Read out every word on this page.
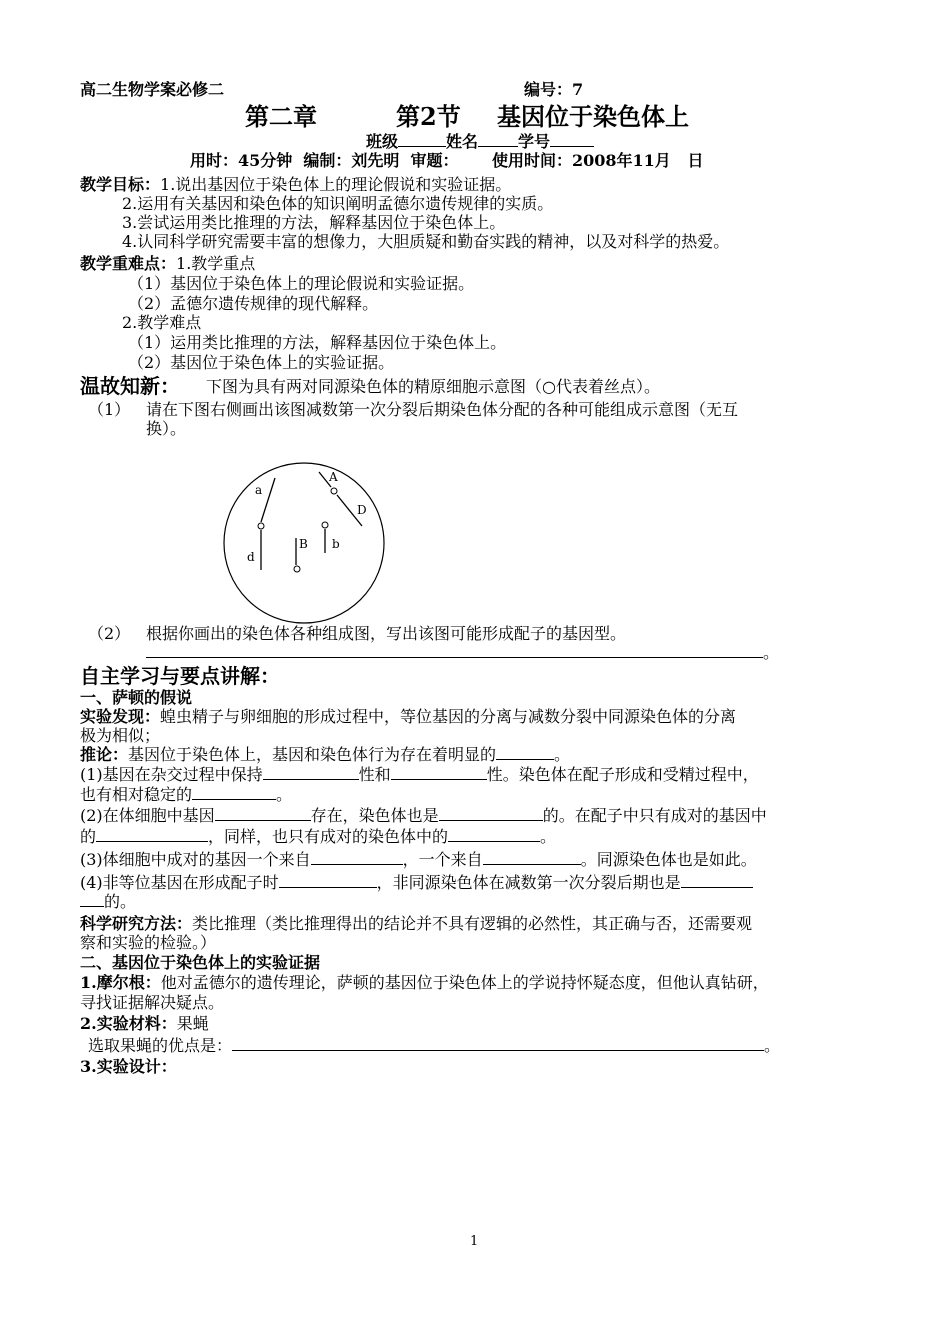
高二生物学案必修二	编号：7
第二章	第2节 基因位于染色体上
班级	姓名	学号
用时：45分钟  编制：刘先明  审题：      使用时间：2008年11月   日
教学目标：1.说出基因位于染色体上的理论假说和实验证据。
2.运用有关基因和染色体的知识阐明孟德尔遗传规律的实质。
3.尝试运用类比推理的方法，解释基因位于染色体上。
4.认同科学研究需要丰富的想像力，大胆质疑和勤奋实践的精神，以及对科学的热爱。
教学重难点：1.教学重点
（1）基因位于染色体上的理论假说和实验证据。
（2）孟德尔遗传规律的现代解释。
2.教学难点
（1）运用类比推理的方法，解释基因位于染色体上。
（2）基因位于染色体上的实验证据。
温故知新： 下图为具有两对同源染色体的精原细胞示意图（○代表着丝点）。
（1） 请在下图右侧画出该图减数第一次分裂后期染色体分配的各种可能组成示意图（无互
换）。
a
d
A
D
B b
（2） 根据你画出的染色体各种组成图，写出该图可能形成配子的基因型。
。
自主学习与要点讲解：
一、萨顿的假说
实验发现：蝗虫精子与卵细胞的形成过程中，等位基因的分离与减数分裂中同源染色体的分离
极为相似；
推论：基因位于染色体上，基因和染色体行为存在着明显的	。
(1)基因在杂交过程中保持	性和	性。染色体在配子形成和受精过程中，
也有相对稳定的	。
(2)在体细胞中基因	存在，染色体也是	的。在配子中只有成对的基因中
的	，同样，也只有成对的染色体中的	。
(3)体细胞中成对的基因一个来自	，一个来自	。同源染色体也是如此。
(4)非等位基因在形成配子时	，非同源染色体在减数第一次分裂后期也是
的。
科学研究方法：类比推理（类比推理得出的结论并不具有逻辑的必然性，其正确与否，还需要观
察和实验的检验。）
二、基因位于染色体上的实验证据
1.摩尔根：他对孟德尔的遗传理论，萨顿的基因位于染色体上的学说持怀疑态度，但他认真钻研，
寻找证据解决疑点。
2.实验材料：果蝇
选取果蝇的优点是：	。
3.实验设计：
1
